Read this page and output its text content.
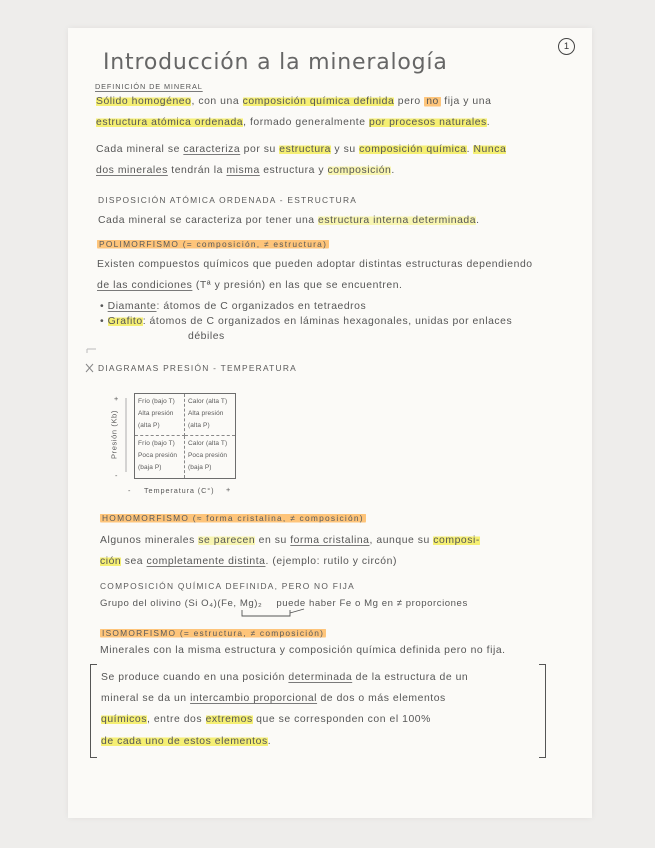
1
Introducción a la mineralogía
DEFINICIÓN DE MINERAL
Sólido homogéneo, con una composición química definida pero no fija y una
estructura atómica ordenada, formado generalmente por procesos naturales.
Cada mineral se caracteriza por su estructura y su composición química. Nunca
dos minerales tendrán la misma estructura y composición.
DISPOSICIÓN ATÓMICA ORDENADA - ESTRUCTURA
Cada mineral se caracteriza por tener una estructura interna determinada.
POLIMORFISMO (= composición, ≠ estructura)
Existen compuestos químicos que pueden adoptar distintas estructuras dependiendo
de las condiciones (Tª y presión) en las que se encuentren.
• Diamante: átomos de C organizados en tetraedros
• Grafito: átomos de C organizados en láminas hexagonales, unidas por enlaces
débiles
DIAGRAMAS PRESIÓN - TEMPERATURA
+
Presión (Kb)
-
Frío (bajo T)
Alta presión
(alta P)
Calor (alta T)
Alta presión
(alta P)
Frío (bajo T)
Poca presión
(baja P)
Calor (alta T)
Poca presión
(baja P)
- Temperatura (C°) +
HOMOMORFISMO (≈ forma cristalina, ≠ composición)
Algunos minerales se parecen en su forma cristalina, aunque su composi-
ción sea completamente distinta. (ejemplo: rutilo y circón)
COMPOSICIÓN QUÍMICA DEFINIDA, PERO NO FIJA
Grupo del olivino (Si O₄)(Fe, Mg)₂ puede haber Fe o Mg en ≠ proporciones
ISOMORFISMO (= estructura, ≠ composición)
Minerales con la misma estructura y composición química definida pero no fija.
Se produce cuando en una posición determinada de la estructura de un
mineral se da un intercambio proporcional de dos o más elementos
químicos, entre dos extremos que se corresponden con el 100%
de cada uno de estos elementos.
